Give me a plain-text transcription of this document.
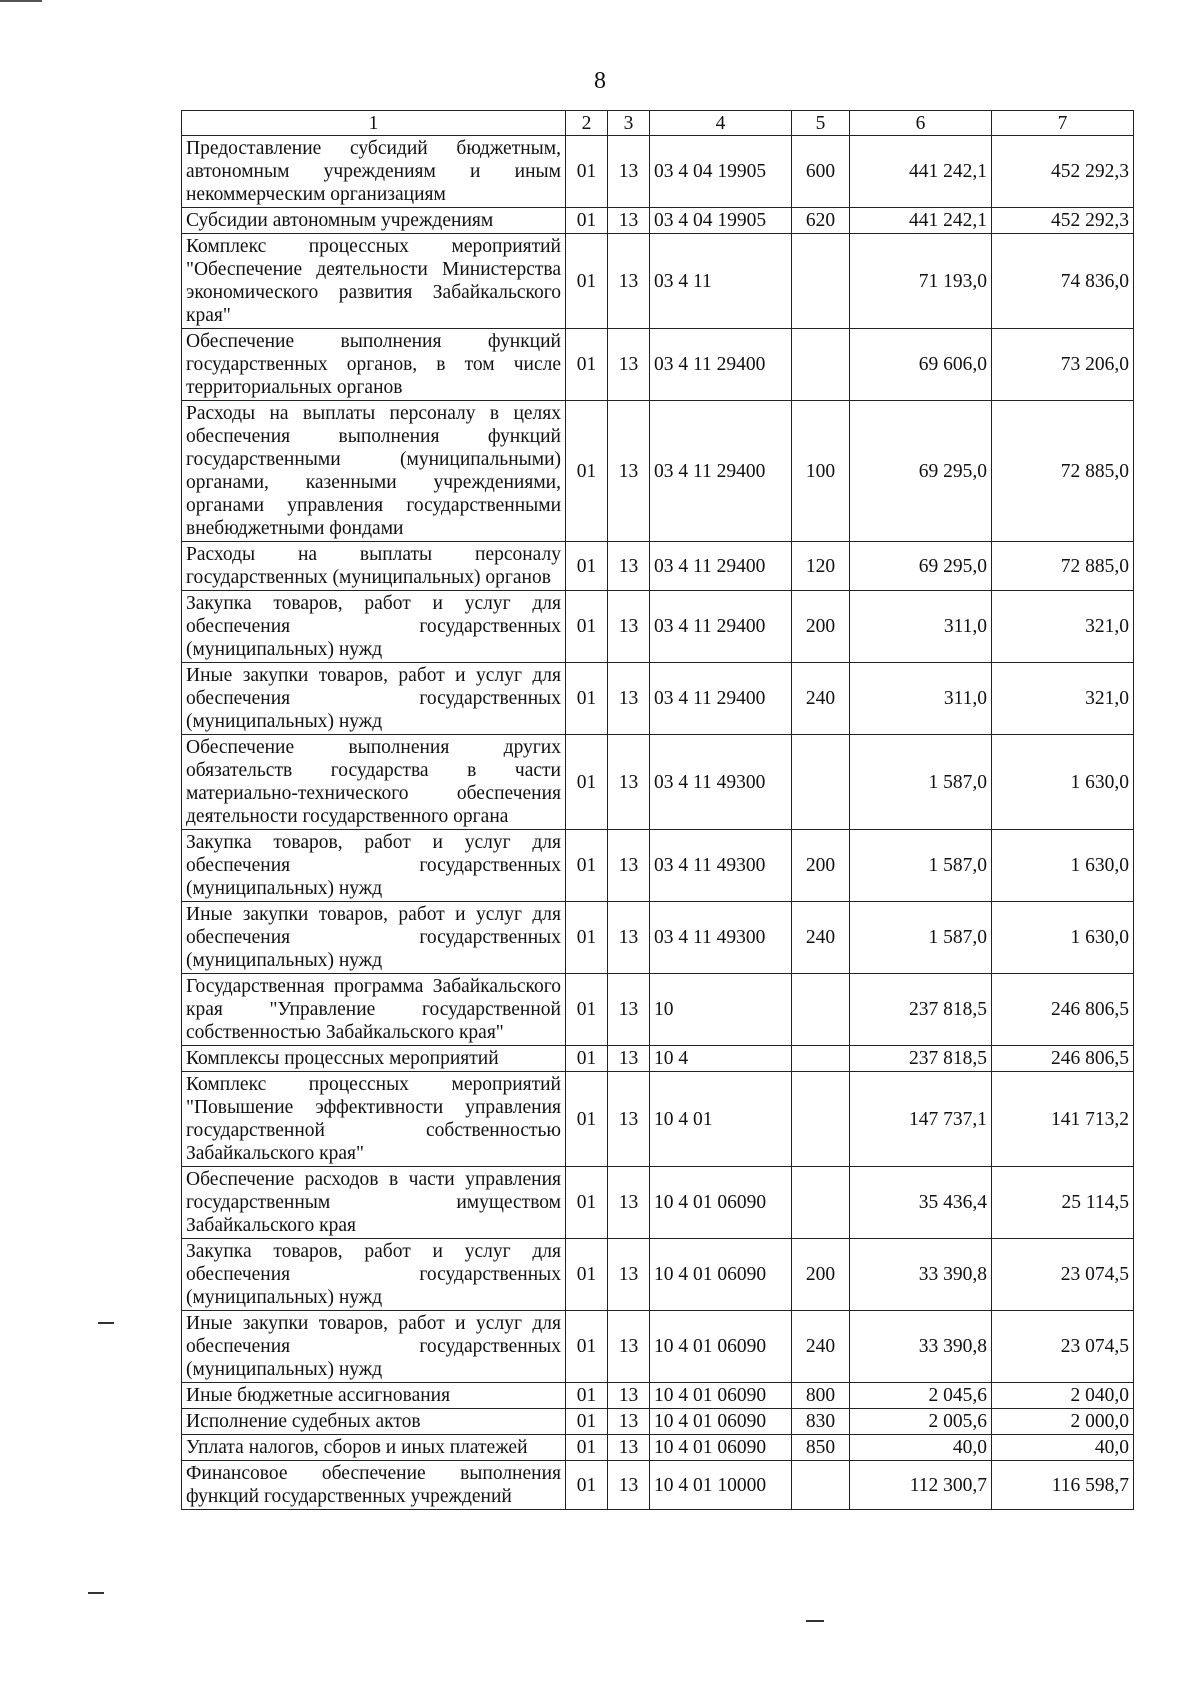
8
1	2	3	4	5	6	7
Предоставление субсидий бюджетным, автономным учреждениям и иным некоммерческим организациям	01	13	03 4 04 19905	600	441 242,1	452 292,3
Субсидии автономным учреждениям	01	13	03 4 04 19905	620	441 242,1	452 292,3
Комплекс процессных мероприятий "Обеспечение деятельности Министерства экономического развития Забайкальского края"	01	13	03 4 11		71 193,0	74 836,0
Обеспечение выполнения функций государственных органов, в том числе территориальных органов	01	13	03 4 11 29400		69 606,0	73 206,0
Расходы на выплаты персоналу в целях обеспечения выполнения функций государственными (муниципальными) органами, казенными учреждениями, органами управления государственными внебюджетными фондами	01	13	03 4 11 29400	100	69 295,0	72 885,0
Расходы на выплаты персоналу государственных (муниципальных) органов	01	13	03 4 11 29400	120	69 295,0	72 885,0
Закупка товаров, работ и услуг для обеспечения государственных (муниципальных) нужд	01	13	03 4 11 29400	200	311,0	321,0
Иные закупки товаров, работ и услуг для обеспечения государственных (муниципальных) нужд	01	13	03 4 11 29400	240	311,0	321,0
Обеспечение выполнения других обязательств государства в части материально-технического обеспечения деятельности государственного органа	01	13	03 4 11 49300		1 587,0	1 630,0
Закупка товаров, работ и услуг для обеспечения государственных (муниципальных) нужд	01	13	03 4 11 49300	200	1 587,0	1 630,0
Иные закупки товаров, работ и услуг для обеспечения государственных (муниципальных) нужд	01	13	03 4 11 49300	240	1 587,0	1 630,0
Государственная программа Забайкальского края "Управление государственной собственностью Забайкальского края"	01	13	10		237 818,5	246 806,5
Комплексы процессных мероприятий	01	13	10 4		237 818,5	246 806,5
Комплекс процессных мероприятий "Повышение эффективности управления государственной собственностью Забайкальского края"	01	13	10 4 01		147 737,1	141 713,2
Обеспечение расходов в части управления государственным имуществом Забайкальского края	01	13	10 4 01 06090		35 436,4	25 114,5
Закупка товаров, работ и услуг для обеспечения государственных (муниципальных) нужд	01	13	10 4 01 06090	200	33 390,8	23 074,5
Иные закупки товаров, работ и услуг для обеспечения государственных (муниципальных) нужд	01	13	10 4 01 06090	240	33 390,8	23 074,5
Иные бюджетные ассигнования	01	13	10 4 01 06090	800	2 045,6	2 040,0
Исполнение судебных актов	01	13	10 4 01 06090	830	2 005,6	2 000,0
Уплата налогов, сборов и иных платежей	01	13	10 4 01 06090	850	40,0	40,0
Финансовое обеспечение выполнения функций государственных учреждений	01	13	10 4 01 10000		112 300,7	116 598,7
